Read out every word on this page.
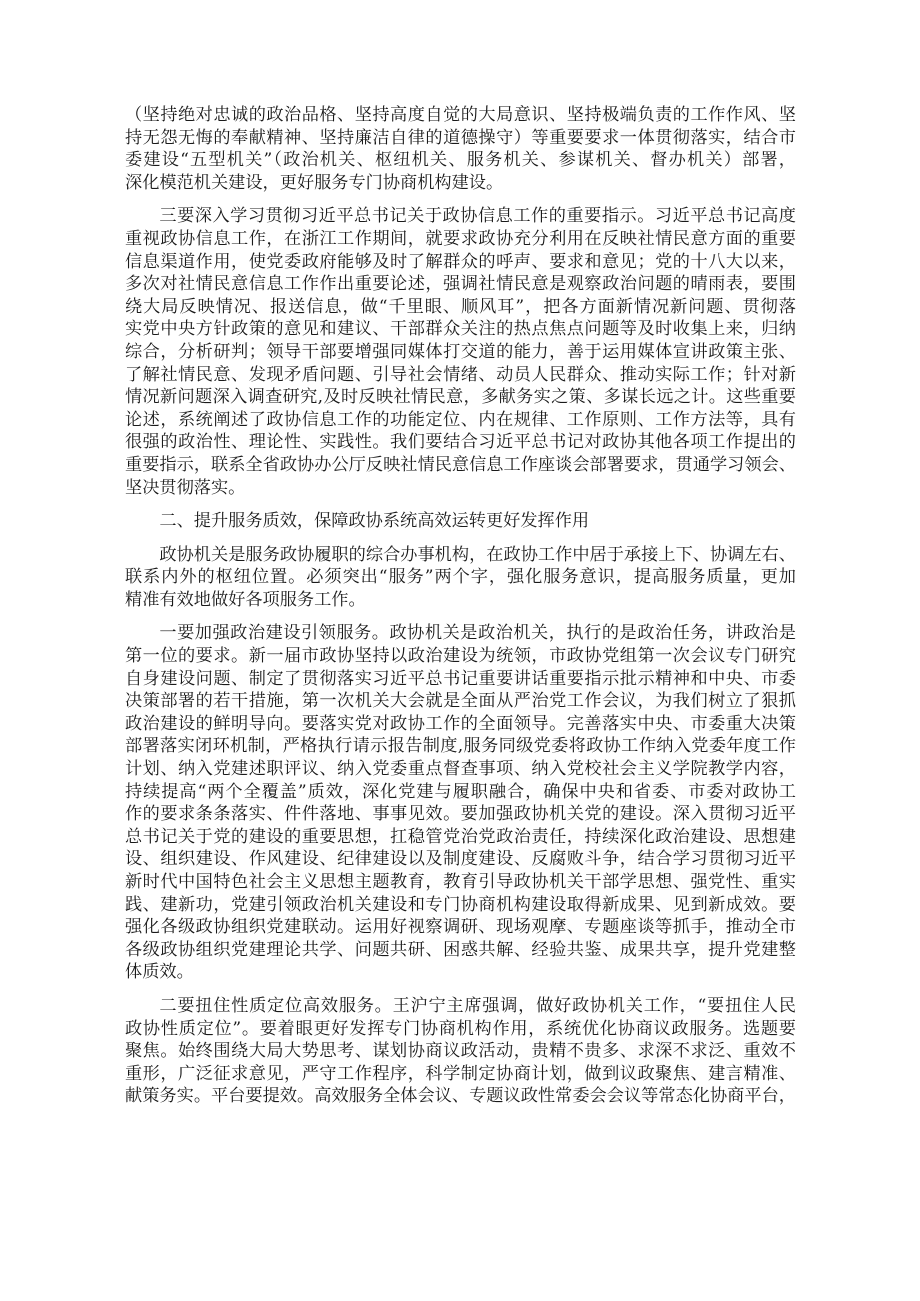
（坚持绝对忠诚的政治品格、坚持高度自觉的大局意识、坚持极端负责的工作作风、坚
持无怨无悔的奉献精神、坚持廉洁自律的道德操守）等重要要求一体贯彻落实，结合市
委建设“五型机关”（政治机关、枢纽机关、服务机关、参谋机关、督办机关）部署，
深化模范机关建设，更好服务专门协商机构建设。
三要深入学习贯彻习近平总书记关于政协信息工作的重要指示。习近平总书记高度
重视政协信息工作，在浙江工作期间，就要求政协充分利用在反映社情民意方面的重要
信息渠道作用，使党委政府能够及时了解群众的呼声、要求和意见；党的十八大以来，
多次对社情民意信息工作作出重要论述，强调社情民意是观察政治问题的晴雨表，要围
绕大局反映情况、报送信息，做“千里眼、顺风耳”，把各方面新情况新问题、贯彻落
实党中央方针政策的意见和建议、干部群众关注的热点焦点问题等及时收集上来，归纳
综合，分析研判；领导干部要增强同媒体打交道的能力，善于运用媒体宣讲政策主张、
了解社情民意、发现矛盾问题、引导社会情绪、动员人民群众、推动实际工作；针对新
情况新问题深入调查研究,及时反映社情民意，多献务实之策、多谋长远之计。这些重要
论述，系统阐述了政协信息工作的功能定位、内在规律、工作原则、工作方法等，具有
很强的政治性、理论性、实践性。我们要结合习近平总书记对政协其他各项工作提出的
重要指示，联系全省政协办公厅反映社情民意信息工作座谈会部署要求，贯通学习领会、
坚决贯彻落实。
二、提升服务质效，保障政协系统高效运转更好发挥作用
政协机关是服务政协履职的综合办事机构，在政协工作中居于承接上下、协调左右、
联系内外的枢纽位置。必须突出“服务”两个字，强化服务意识，提高服务质量，更加
精准有效地做好各项服务工作。
一要加强政治建设引领服务。政协机关是政治机关，执行的是政治任务，讲政治是
第一位的要求。新一届市政协坚持以政治建设为统领，市政协党组第一次会议专门研究
自身建设问题、制定了贯彻落实习近平总书记重要讲话重要指示批示精神和中央、市委
决策部署的若干措施，第一次机关大会就是全面从严治党工作会议，为我们树立了狠抓
政治建设的鲜明导向。要落实党对政协工作的全面领导。完善落实中央、市委重大决策
部署落实闭环机制，严格执行请示报告制度,服务同级党委将政协工作纳入党委年度工作
计划、纳入党建述职评议、纳入党委重点督查事项、纳入党校社会主义学院教学内容，
持续提高“两个全覆盖”质效，深化党建与履职融合，确保中央和省委、市委对政协工
作的要求条条落实、件件落地、事事见效。要加强政协机关党的建设。深入贯彻习近平
总书记关于党的建设的重要思想，扛稳管党治党政治责任，持续深化政治建设、思想建
设、组织建设、作风建设、纪律建设以及制度建设、反腐败斗争，结合学习贯彻习近平
新时代中国特色社会主义思想主题教育，教育引导政协机关干部学思想、强党性、重实
践、建新功，党建引领政治机关建设和专门协商机构建设取得新成果、见到新成效。要
强化各级政协组织党建联动。运用好视察调研、现场观摩、专题座谈等抓手，推动全市
各级政协组织党建理论共学、问题共研、困惑共解、经验共鉴、成果共享，提升党建整
体质效。
二要扭住性质定位高效服务。王沪宁主席强调，做好政协机关工作，“要扭住人民
政协性质定位”。要着眼更好发挥专门协商机构作用，系统优化协商议政服务。选题要
聚焦。始终围绕大局大势思考、谋划协商议政活动，贵精不贵多、求深不求泛、重效不
重形，广泛征求意见，严守工作程序，科学制定协商计划，做到议政聚焦、建言精准、
献策务实。平台要提效。高效服务全体会议、专题议政性常委会会议等常态化协商平台，
